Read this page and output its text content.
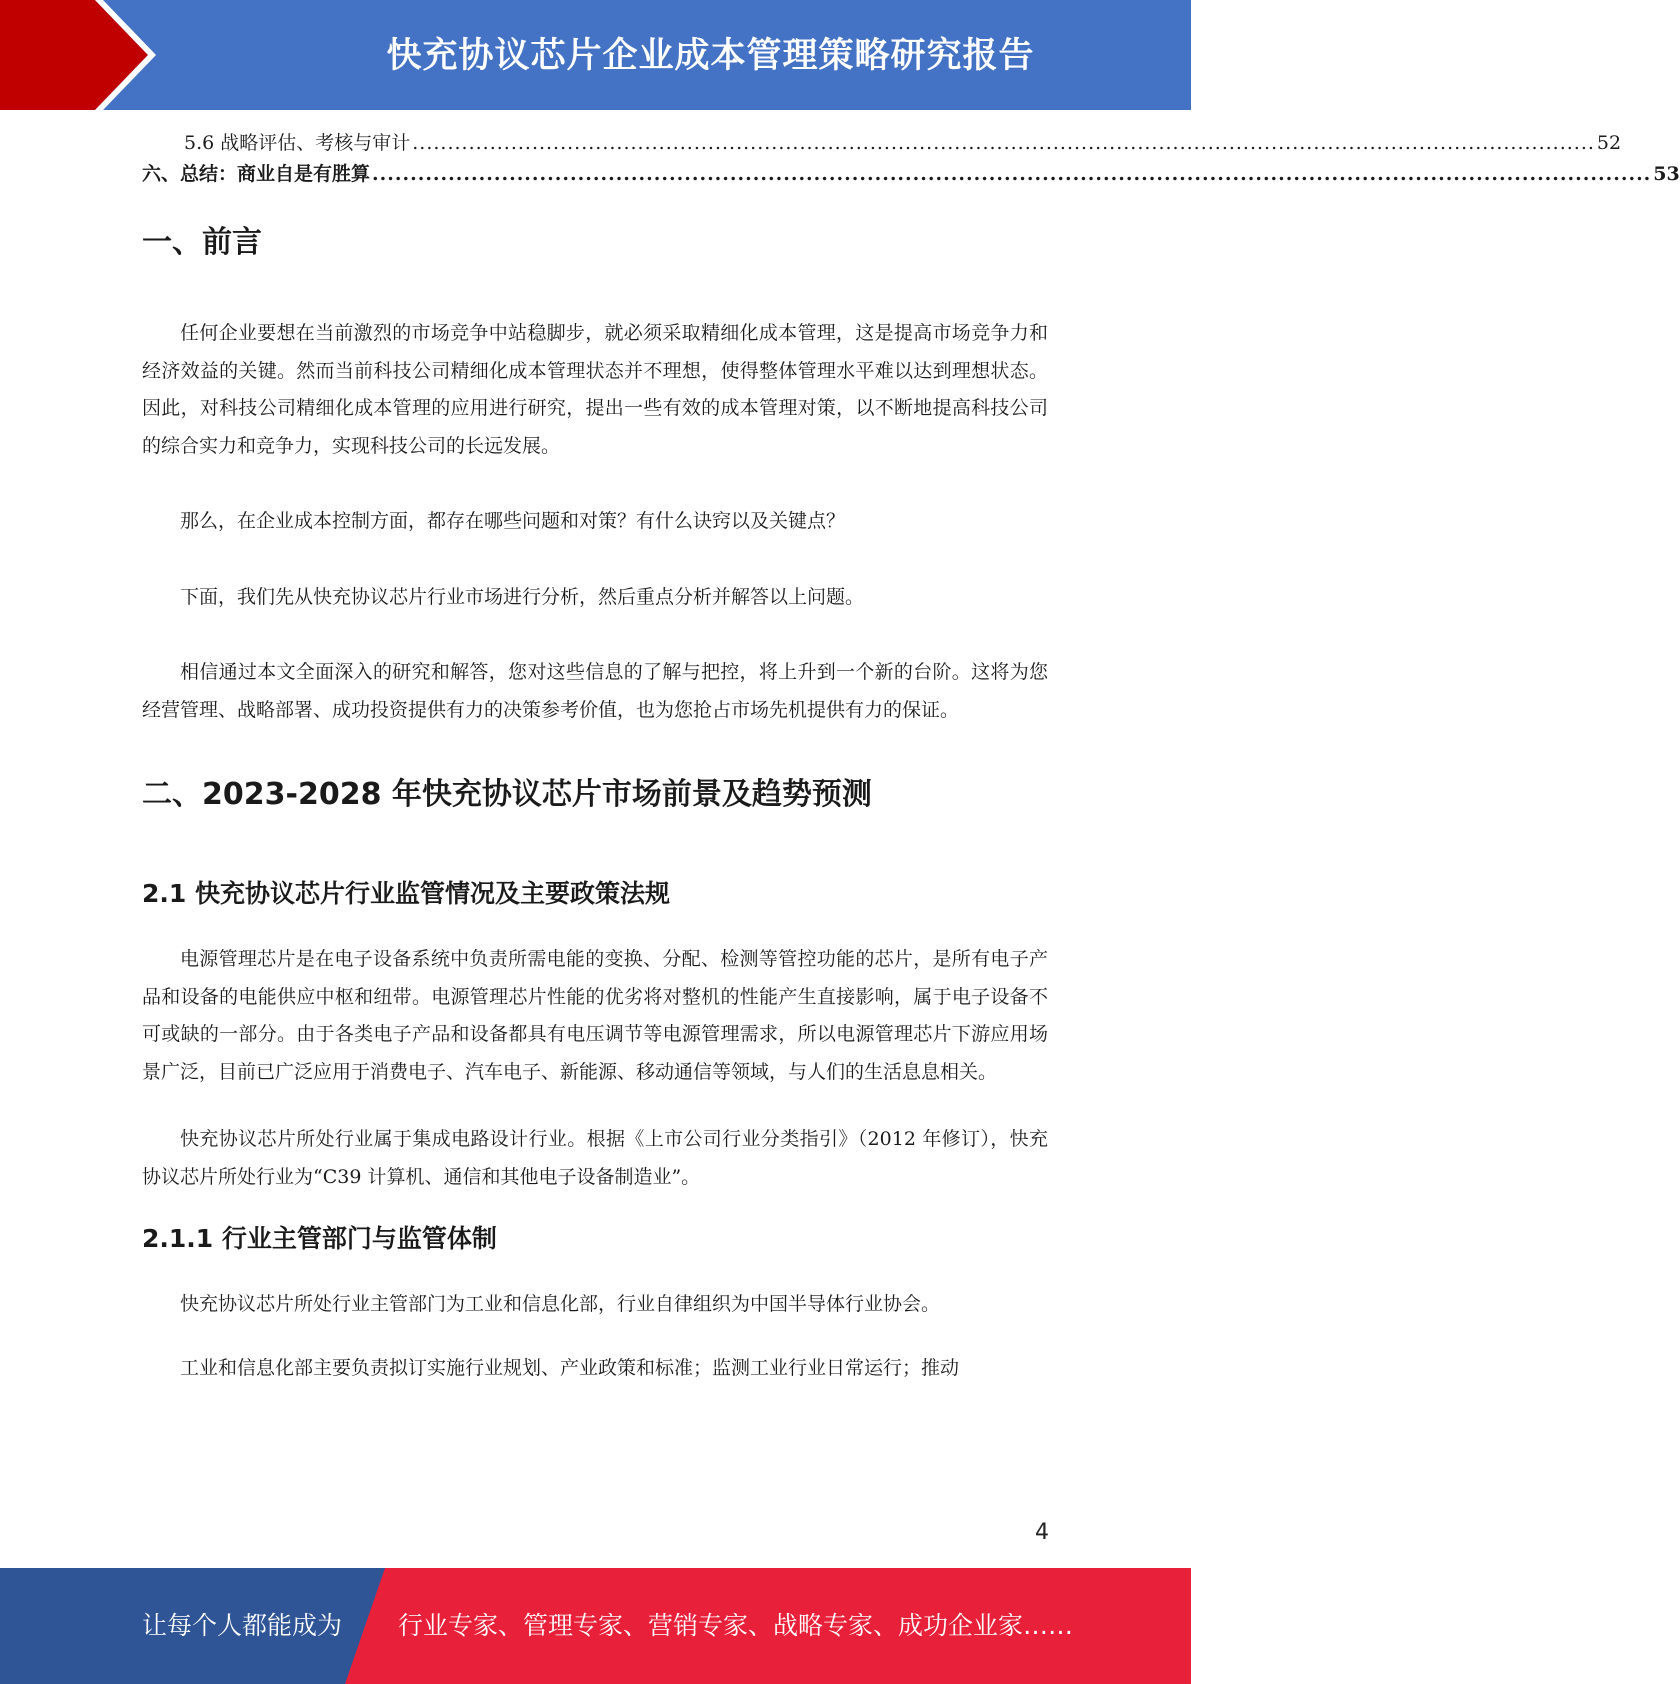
快充协议芯片企业成本管理策略研究报告
5.6 战略评估、考核与审计 ........................................................................................................................................................................ 52
六、总结：商业自是有胜算 ........................................................................................................................................................................ 53
一、前言

任何企业要想在当前激烈的市场竞争中站稳脚步，就必须采取精细化成本管理，这是提高市场竞争力和经济效益的关键。然而当前科技公司精细化成本管理状态并不理想，使得整体管理水平难以达到理想状态。因此，对科技公司精细化成本管理的应用进行研究，提出一些有效的成本管理对策，以不断地提高科技公司的综合实力和竞争力，实现科技公司的长远发展。

那么，在企业成本控制方面，都存在哪些问题和对策？有什么诀窍以及关键点？

下面，我们先从快充协议芯片行业市场进行分析，然后重点分析并解答以上问题。

相信通过本文全面深入的研究和解答，您对这些信息的了解与把控，将上升到一个新的台阶。这将为您经营管理、战略部署、成功投资提供有力的决策参考价值，也为您抢占市场先机提供有力的保证。

二、2023-2028 年快充协议芯片市场前景及趋势预测
2.1 快充协议芯片行业监管情况及主要政策法规

电源管理芯片是在电子设备系统中负责所需电能的变换、分配、检测等管控功能的芯片，是所有电子产品和设备的电能供应中枢和纽带。电源管理芯片性能的优劣将对整机的性能产生直接影响，属于电子设备不可或缺的一部分。由于各类电子产品和设备都具有电压调节等电源管理需求，所以电源管理芯片下游应用场景广泛，目前已广泛应用于消费电子、汽车电子、新能源、移动通信等领域，与人们的生活息息相关。

快充协议芯片所处行业属于集成电路设计行业。根据《上市公司行业分类指引》（2012 年修订），快充协议芯片所处行业为“C39 计算机、通信和其他电子设备制造业”。

2.1.1 行业主管部门与监管体制

快充协议芯片所处行业主管部门为工业和信息化部，行业自律组织为中国半导体行业协会。

工业和信息化部主要负责拟订实施行业规划、产业政策和标准；监测工业行业日常运行；推动

4
让每个人都能成为 行业专家、管理专家、营销专家、战略专家、成功企业家……
